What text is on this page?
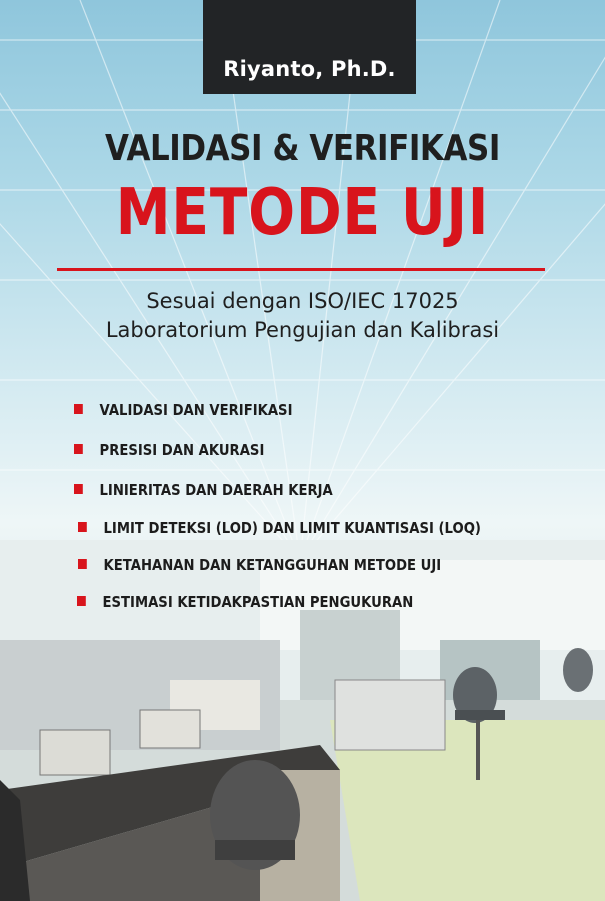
Riyanto, Ph.D.
VALIDASI & VERIFIKASI
METODE UJI
Sesuai dengan ISO/IEC 17025
Laboratorium Pengujian dan Kalibrasi
VALIDASI DAN VERIFIKASI
PRESISI DAN AKURASI
LINIERITAS DAN DAERAH KERJA
LIMIT DETEKSI (LOD) DAN LIMIT KUANTISASI (LOQ)
KETAHANAN DAN KETANGGUHAN METODE UJI
ESTIMASI KETIDAKPASTIAN PENGUKURAN
